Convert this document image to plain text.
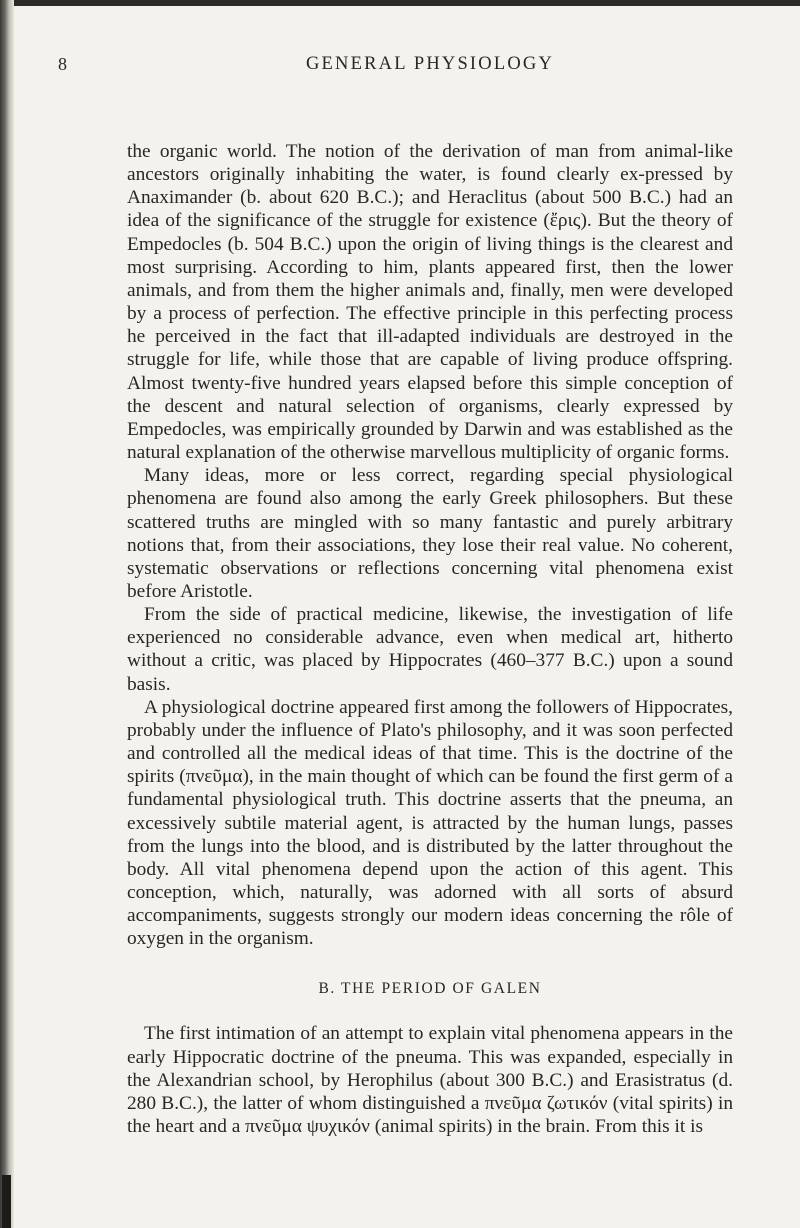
8	GENERAL PHYSIOLOGY

the organic world. The notion of the derivation of man from animal-like ancestors originally inhabiting the water, is found clearly ex-pressed by Anaximander (b. about 620 B.C.); and Heraclitus (about 500 B.C.) had an idea of the significance of the struggle for existence (ἔρις). But the theory of Empedocles (b. 504 B.C.) upon the origin of living things is the clearest and most surprising. According to him, plants appeared first, then the lower animals, and from them the higher animals and, finally, men were developed by a process of perfection. The effective principle in this perfecting process he perceived in the fact that ill-adapted individuals are destroyed in the struggle for life, while those that are capable of living produce offspring. Almost twenty-five hundred years elapsed before this simple conception of the descent and natural selection of organisms, clearly expressed by Empedocles, was empirically grounded by Darwin and was established as the natural explanation of the otherwise marvellous multiplicity of organic forms.

Many ideas, more or less correct, regarding special physiological phenomena are found also among the early Greek philosophers. But these scattered truths are mingled with so many fantastic and purely arbitrary notions that, from their associations, they lose their real value. No coherent, systematic observations or reflections concerning vital phenomena exist before Aristotle.

From the side of practical medicine, likewise, the investigation of life experienced no considerable advance, even when medical art, hitherto without a critic, was placed by Hippocrates (460–377 B.C.) upon a sound basis.

A physiological doctrine appeared first among the followers of Hippocrates, probably under the influence of Plato's philosophy, and it was soon perfected and controlled all the medical ideas of that time. This is the doctrine of the spirits (πνεῦμα), in the main thought of which can be found the first germ of a fundamental physiological truth. This doctrine asserts that the pneuma, an excessively subtile material agent, is attracted by the human lungs, passes from the lungs into the blood, and is distributed by the latter throughout the body. All vital phenomena depend upon the action of this agent. This conception, which, naturally, was adorned with all sorts of absurd accompaniments, suggests strongly our modern ideas concerning the rôle of oxygen in the organism.

B. THE PERIOD OF GALEN

The first intimation of an attempt to explain vital phenomena appears in the early Hippocratic doctrine of the pneuma. This was expanded, especially in the Alexandrian school, by Herophilus (about 300 B.C.) and Erasistratus (d. 280 B.C.), the latter of whom distinguished a πνεῦμα ζωτικόν (vital spirits) in the heart and a πνεῦμα ψυχικόν (animal spirits) in the brain. From this it is
